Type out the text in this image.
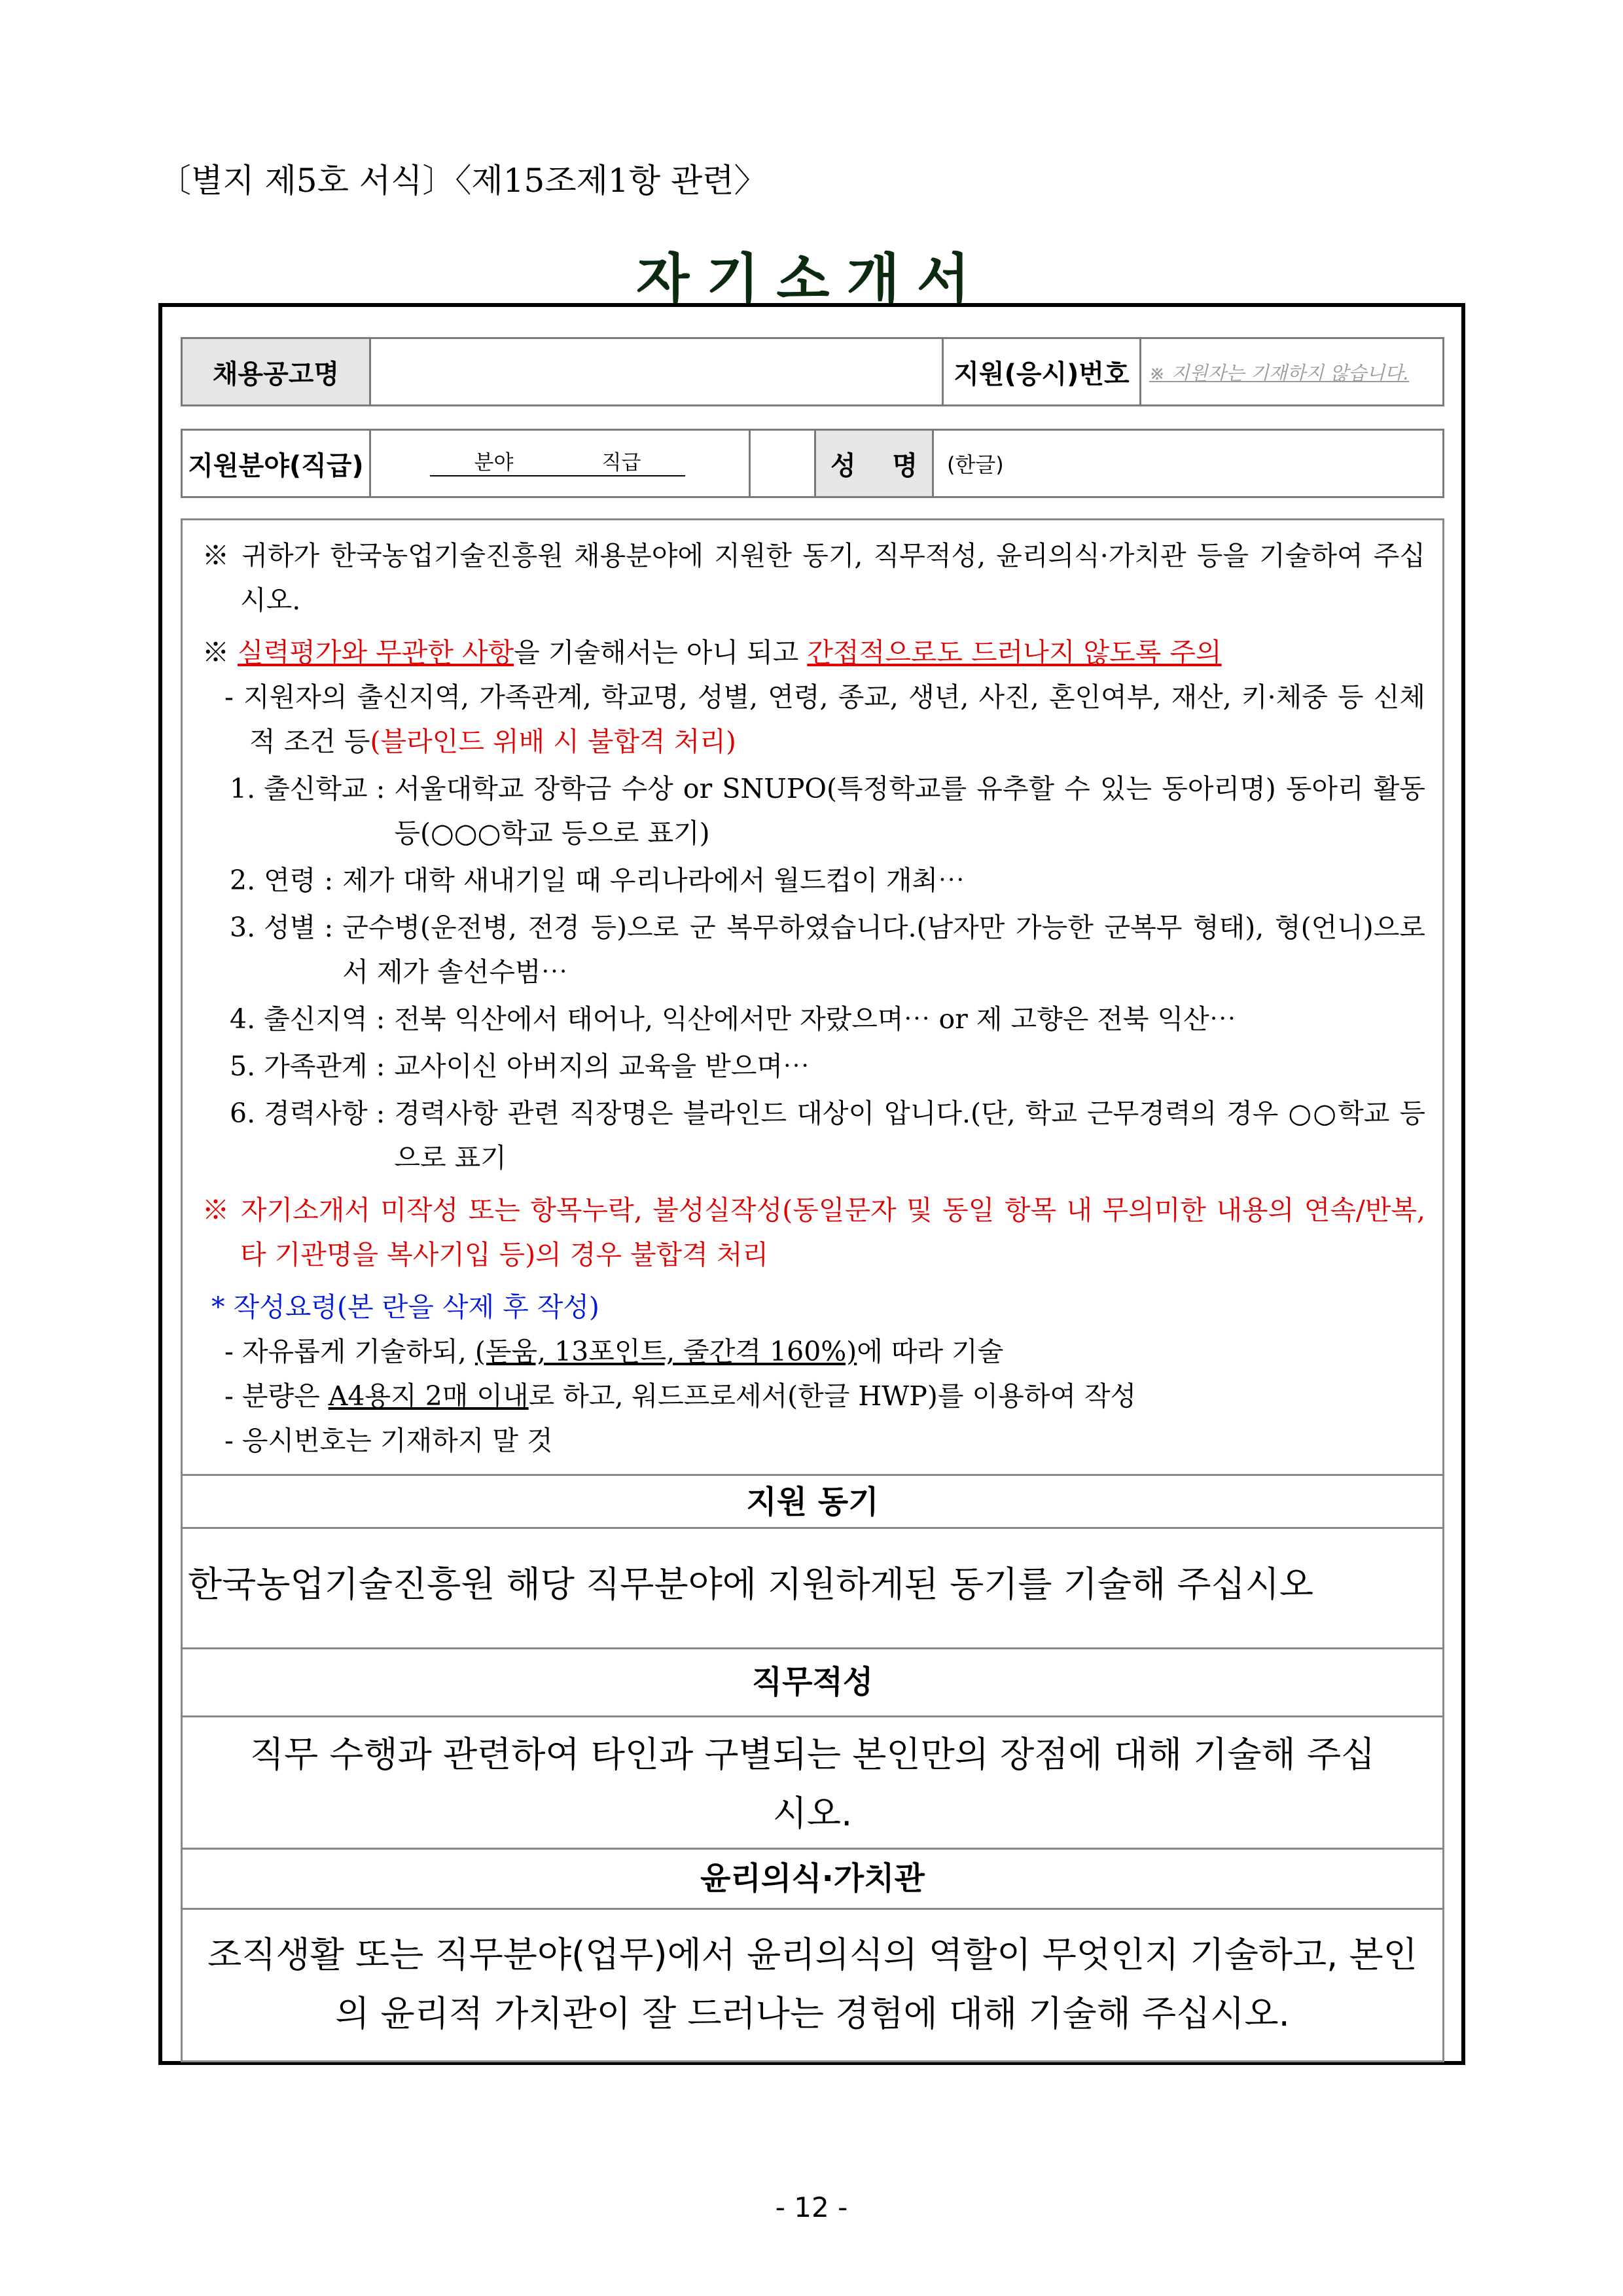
〔별지 제5호 서식〕〈제15조제1항 관련〉
자기소개서
채용공고명		지원(응시)번호	※ 지원자는 기재하지 않습니다.
지원분야(직급)	분야	직급		성    명	(한글)

※ 귀하가 한국농업기술진흥원 채용분야에 지원한 동기, 직무적성, 윤리의식·가치관 등을 기술하여 주십시오.

※ 실력평가와 무관한 사항을 기술해서는 아니 되고 간접적으로도 드러나지 않도록 주의

- 지원자의 출신지역, 가족관계, 학교명, 성별, 연령, 종교, 생년, 사진, 혼인여부, 재산, 키·체중 등 신체적 조건 등(블라인드 위배 시 불합격 처리)

1. 출신학교 : 서울대학교 장학금 수상 or SNUPO(특정학교를 유추할 수 있는 동아리명) 동아리 활동 등(○○○학교 등으로 표기)
2. 연령 : 제가 대학 새내기일 때 우리나라에서 월드컵이 개최⋯
3. 성별 : 군수병(운전병, 전경 등)으로 군 복무하였습니다.(남자만 가능한 군복무 형태), 형(언니)으로서 제가 솔선수범⋯
4. 출신지역 : 전북 익산에서 태어나, 익산에서만 자랐으며⋯ or 제 고향은 전북 익산⋯
5. 가족관계 : 교사이신 아버지의 교육을 받으며⋯
6. 경력사항 : 경력사항 관련 직장명은 블라인드 대상이 압니다.(단, 학교 근무경력의 경우 ○○학교 등으로 표기

※ 자기소개서 미작성 또는 항목누락, 불성실작성(동일문자 및 동일 항목 내 무의미한 내용의 연속/반복, 타 기관명을 복사기입 등)의 경우 불합격 처리

* 작성요령(본 란을 삭제 후 작성)

- 자유롭게 기술하되, (돋움, 13포인트, 줄간격 160%)에 따라 기술

- 분량은 A4용지 2매 이내로 하고, 워드프로세서(한글 HWP)를 이용하여 작성

- 응시번호는 기재하지 말 것

지원 동기
한국농업기술진흥원 해당 직무분야에 지원하게된 동기를 기술해 주십시오
직무적성
직무 수행과 관련하여 타인과 구별되는 본인만의 장점에 대해 기술해 주십시오.
윤리의식·가치관
조직생활 또는 직무분야(업무)에서 윤리의식의 역할이 무엇인지 기술하고, 본인의 윤리적 가치관이 잘 드러나는 경험에 대해 기술해 주십시오.
- 12 -
